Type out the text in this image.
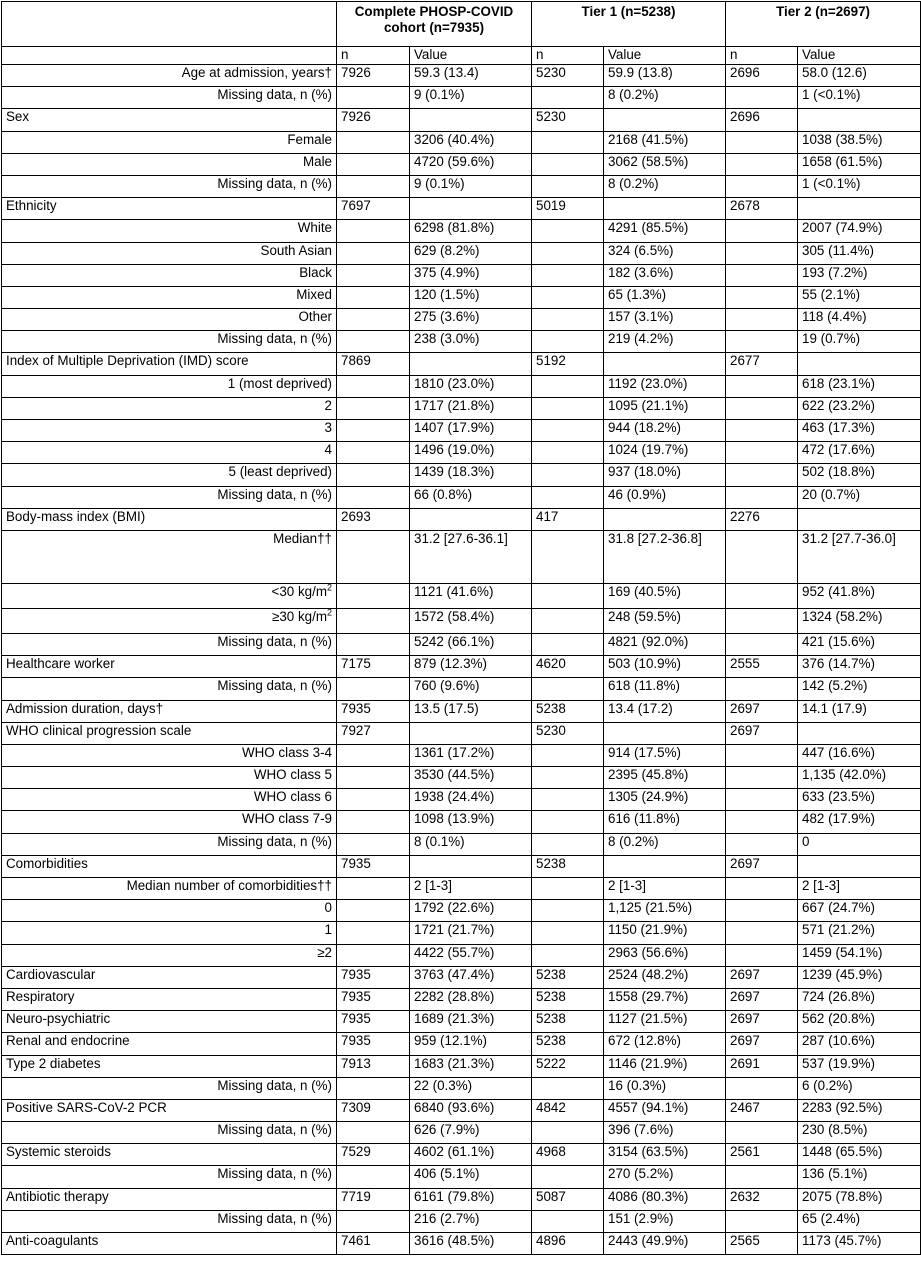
	Complete PHOSP-COVID cohort (n=7935)		Tier 1 (n=5238)		Tier 2 (n=2697)	
	n	Value	n	Value	n	Value
Age at admission, years†	7926	59.3 (13.4)	5230	59.9 (13.8)	2696	58.0 (12.6)
Missing data, n (%)		9 (0.1%)		8 (0.2%)		1 (<0.1%)
Sex	7926		5230		2696	
Female		3206 (40.4%)		2168 (41.5%)		1038 (38.5%)
Male		4720 (59.6%)		3062 (58.5%)		1658 (61.5%)
Missing data, n (%)		9 (0.1%)		8 (0.2%)		1 (<0.1%)
Ethnicity	7697		5019		2678	
White		6298 (81.8%)		4291 (85.5%)		2007 (74.9%)
South Asian		629 (8.2%)		324 (6.5%)		305 (11.4%)
Black		375 (4.9%)		182 (3.6%)		193 (7.2%)
Mixed		120 (1.5%)		65 (1.3%)		55 (2.1%)
Other		275 (3.6%)		157 (3.1%)		118 (4.4%)
Missing data, n (%)		238 (3.0%)		219 (4.2%)		19 (0.7%)
Index of Multiple Deprivation (IMD) score	7869		5192		2677	
1 (most deprived)		1810 (23.0%)		1192 (23.0%)		618 (23.1%)
2		1717 (21.8%)		1095 (21.1%)		622 (23.2%)
3		1407 (17.9%)		944 (18.2%)		463 (17.3%)
4		1496 (19.0%)		1024 (19.7%)		472 (17.6%)
5 (least deprived)		1439 (18.3%)		937 (18.0%)		502 (18.8%)
Missing data, n (%)		66 (0.8%)		46 (0.9%)		20 (0.7%)
Body-mass index (BMI)	2693		417		2276	
Median††		31.2 [27.6-36.1]		31.8 [27.2-36.8]		31.2 [27.7-36.0]
<30 $kg/m^2$		1121 (41.6%)		169 (40.5%)		952 (41.8%)
≥30 $kg/m^2$		1572 (58.4%)		248 (59.5%)		1324 (58.2%)
Missing data, n (%)		5242 (66.1%)		4821 (92.0%)		421 (15.6%)
Healthcare worker	7175	879 (12.3%)	4620	503 (10.9%)	2555	376 (14.7%)
Missing data, n (%)		760 (9.6%)		618 (11.8%)		142 (5.2%)
Admission duration, days†	7935	13.5 (17.5)	5238	13.4 (17.2)	2697	14.1 (17.9)
WHO clinical progression scale	7927		5230		2697	
WHO class 3-4		1361 (17.2%)		914 (17.5%)		447 (16.6%)
WHO class 5		3530 (44.5%)		2395 (45.8%)		1,135 (42.0%)
WHO class 6		1938 (24.4%)		1305 (24.9%)		633 (23.5%)
WHO class 7-9		1098 (13.9%)		616 (11.8%)		482 (17.9%)
Missing data, n (%)		8 (0.1%)		8 (0.2%)		0
Comorbidities	7935		5238		2697	
Median number of comorbidities††		2 [1-3]		2 [1-3]		2 [1-3]
0		1792 (22.6%)		1,125 (21.5%)		667 (24.7%)
1		1721 (21.7%)		1150 (21.9%)		571 (21.2%)
≥2		4422 (55.7%)		2963 (56.6%)		1459 (54.1%)
Cardiovascular	7935	3763 (47.4%)	5238	2524 (48.2%)	2697	1239 (45.9%)
Respiratory	7935	2282 (28.8%)	5238	1558 (29.7%)	2697	724 (26.8%)
Neuro-psychiatric	7935	1689 (21.3%)	5238	1127 (21.5%)	2697	562 (20.8%)
Renal and endocrine	7935	959 (12.1%)	5238	672 (12.8%)	2697	287 (10.6%)
Type 2 diabetes	7913	1683 (21.3%)	5222	1146 (21.9%)	2691	537 (19.9%)
Missing data, n (%)		22 (0.3%)		16 (0.3%)		6 (0.2%)
Positive SARS-CoV-2 PCR	7309	6840 (93.6%)	4842	4557 (94.1%)	2467	2283 (92.5%)
Missing data, n (%)		626 (7.9%)		396 (7.6%)		230 (8.5%)
Systemic steroids	7529	4602 (61.1%)	4968	3154 (63.5%)	2561	1448 (65.5%)
Missing data, n (%)		406 (5.1%)		270 (5.2%)		136 (5.1%)
Antibiotic therapy	7719	6161 (79.8%)	5087	4086 (80.3%)	2632	2075 (78.8%)
Missing data, n (%)		216 (2.7%)		151 (2.9%)		65 (2.4%)
Anti-coagulants	7461	3616 (48.5%)	4896	2443 (49.9%)	2565	1173 (45.7%)
